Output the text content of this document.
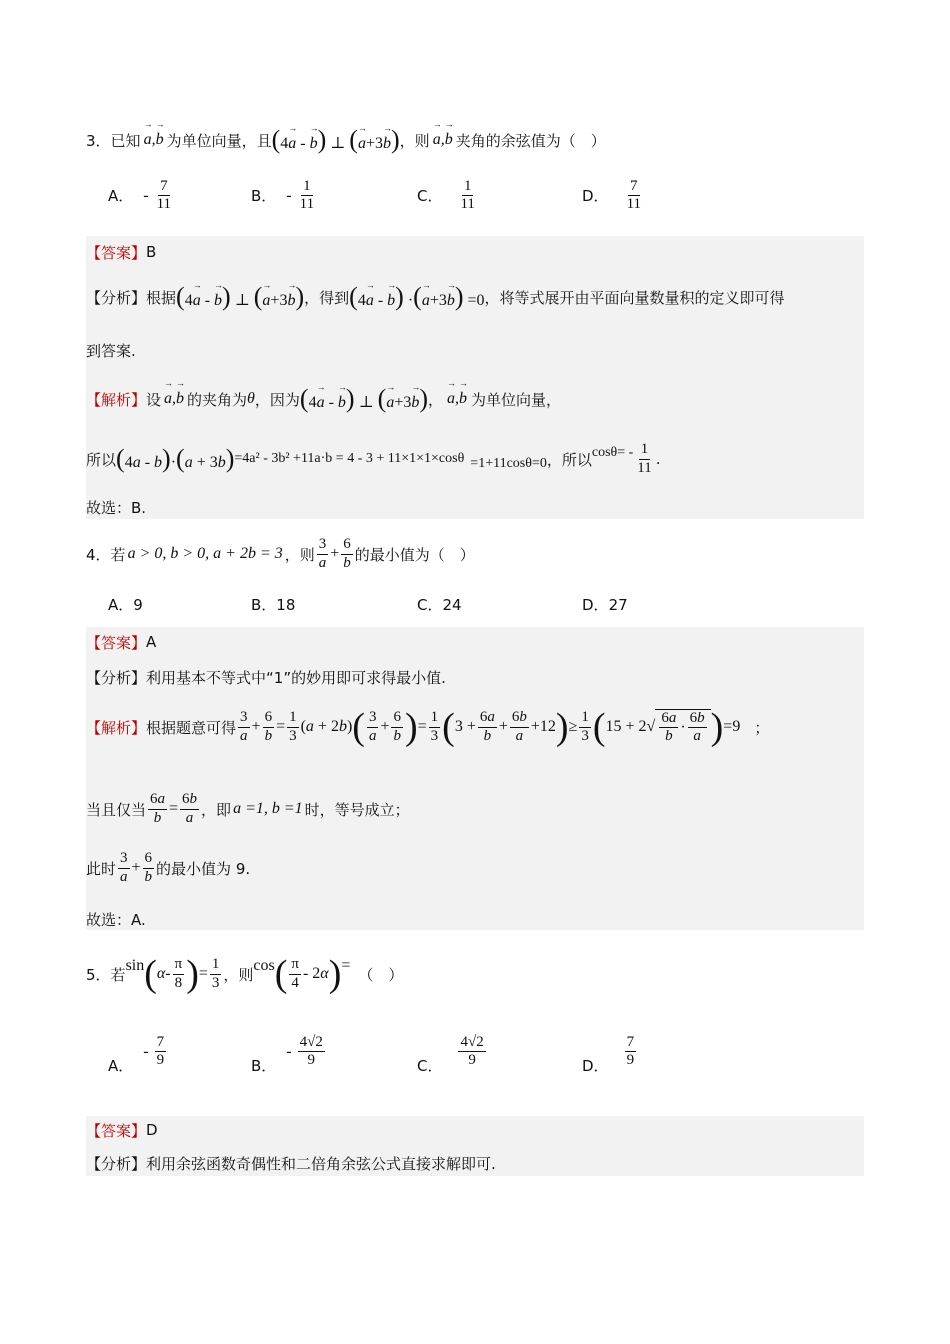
3． 已知 → a,→ b 为单位向量，且 (4→ a - → b) ⊥ (→ a+3→ b) ，则 → a,→ b 夹角的余弦值为（　）
A． - $\frac{7}{11}$	B． - $\frac{1}{11}$	C． $\frac{1}{11}$	D． $\frac{7}{11}$
【答案】 B
【分析】 根据 (4→ a - → b) ⊥ (→ a+3→ b) ，得到 (4→ a - → b) ·(→ a+3→ b) =0 ，将等式展开由平面向量数量积的定义即可得
到答案.
【解析】 设 → a,→ b 的夹角为 θ ，因为 (4→ a - → b) ⊥ (→ a+3→ b) ， → a,→ b 为单位向量，
所以 (4a - b)·(a + 3b) =4a² - 3b² +11a·b = 4 - 3 + 11×1×1×cosθ =1+11cosθ=0 ，所以 $\cos\theta= - \frac{1}{11}$ .
故选：B.
4． 若 a > 0, b > 0, a + 2b = 3 ，则 $\frac{3}{a} + \frac{6}{b}$ 的最小值为（　）
A． 9	B． 18	C． 24	D． 27
【答案】 A
【分析】 利用基本不等式中“1”的妙用即可求得最小值.
【解析】 根据题意可得 $\frac{3}{a} + \frac{6}{b} = \frac{1}{3} (a + 2b)$ ( $\frac{3}{a} + \frac{6}{b}$ ) = $\frac{1}{3}$ ( $3 + \frac{6a}{b} + \frac{6b}{a} +12$ ) ≥ $\frac{1}{3}$ ( $15 + 2√ \frac{6a}{b} \cdot \frac{6b}{a}$ ) =9 ；
当且仅当 $\frac{6a}{b} = \frac{6b}{a}$ ，即 a =1, b =1 时，等号成立；
此时 $\frac{3}{a} + \frac{6}{b}$ 的最小值为 9.
故选：A.
5． 若 sin ( α - $\frac{\pi}{8}$ ) = $\frac{1}{3}$ ，则 cos ( $\frac{\pi}{4} - 2$ α ) = （　）
A．
- $\frac{7}{9}$	B．
- $\frac{4√2}{9}$	C． $\frac{4√2}{9}$	D． $\frac{7}{9}$
【答案】 D
【分析】 利用余弦函数奇偶性和二倍角余弦公式直接求解即可.
